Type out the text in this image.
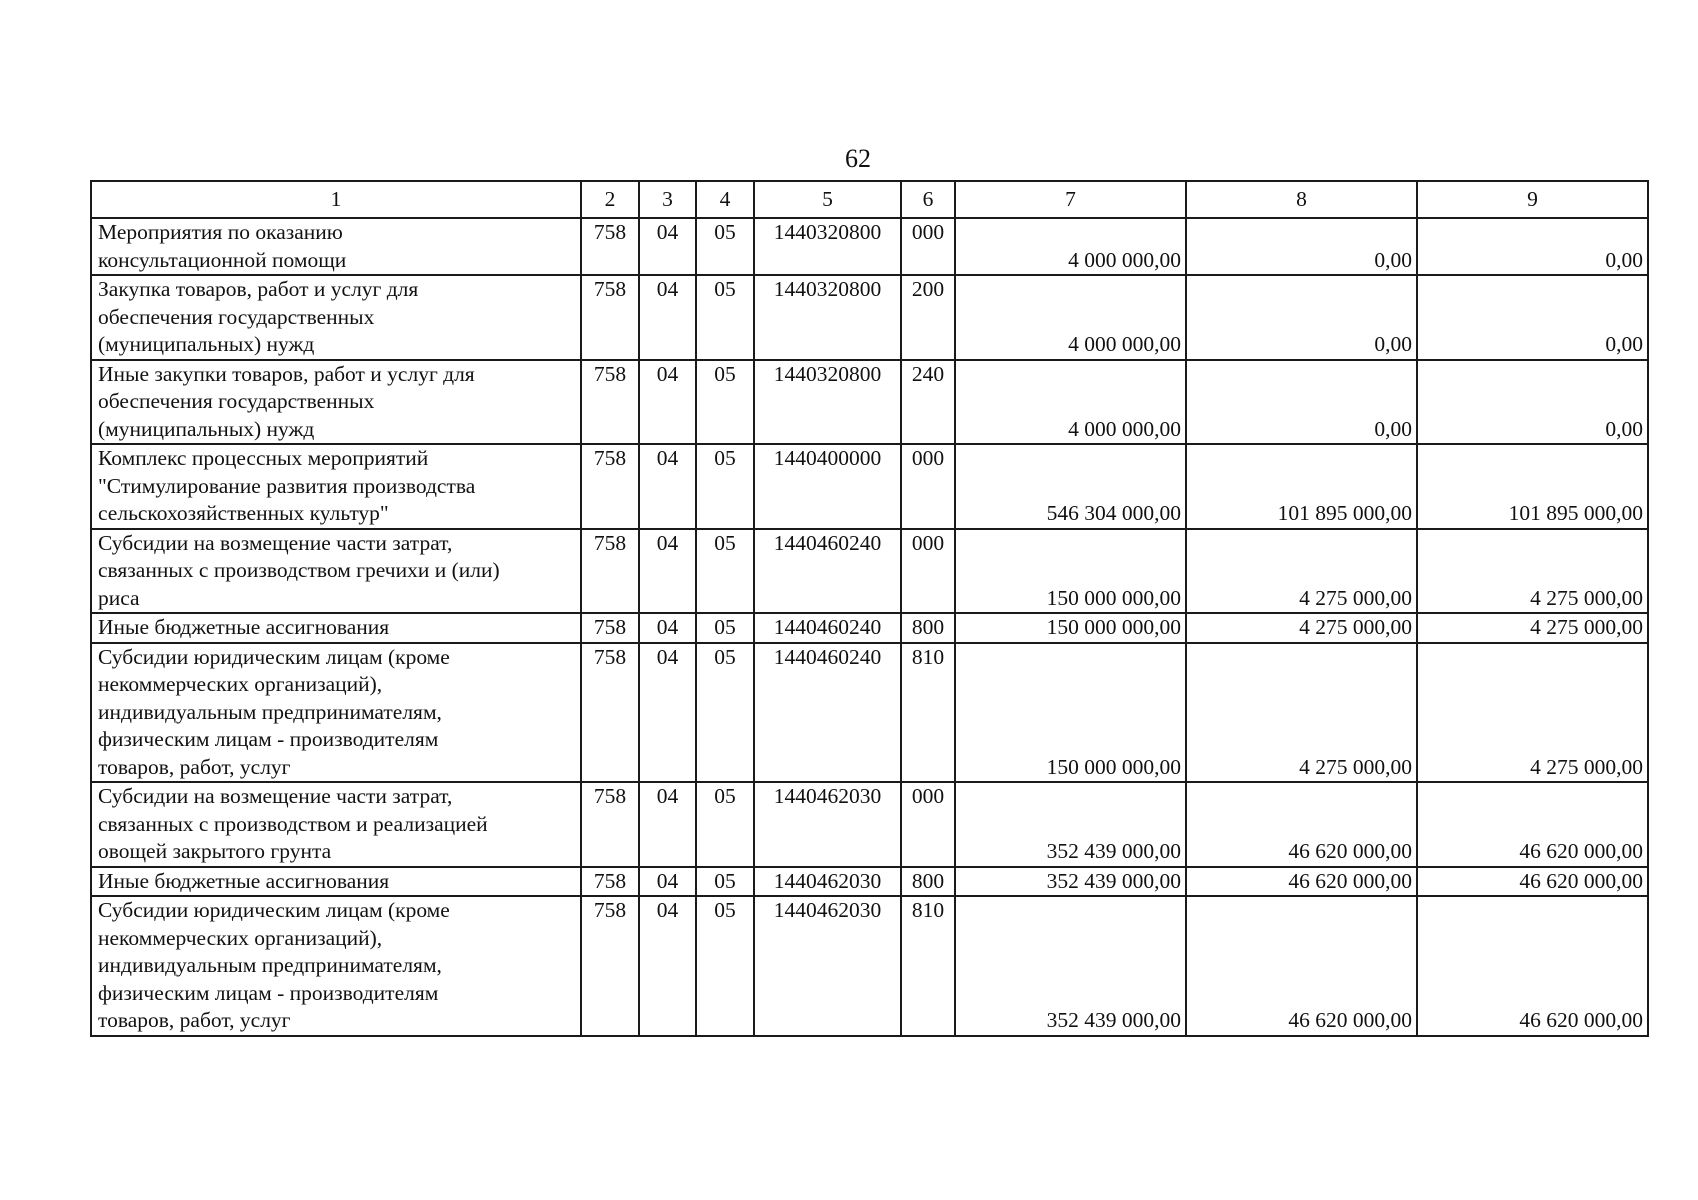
62
1	2	3	4	5	6	7	8	9

Мероприятия по оказанию
консультационной помощи	758	04	05	1440320800	000	4 000 000,00	0,00	0,00

Закупка товаров, работ и услуг для
обеспечения государственных
(муниципальных) нужд	758	04	05	1440320800	200	4 000 000,00	0,00	0,00

Иные закупки товаров, работ и услуг для
обеспечения государственных
(муниципальных) нужд	758	04	05	1440320800	240	4 000 000,00	0,00	0,00

Комплекс процессных мероприятий
"Стимулирование развития производства
сельскохозяйственных культур"	758	04	05	1440400000	000	546 304 000,00	101 895 000,00	101 895 000,00

Субсидии на возмещение части затрат,
связанных с производством гречихи и (или)
риса	758	04	05	1440460240	000	150 000 000,00	4 275 000,00	4 275 000,00

Иные бюджетные ассигнования	758	04	05	1440460240	800	150 000 000,00	4 275 000,00	4 275 000,00

Субсидии юридическим лицам (кроме
некоммерческих организаций),
индивидуальным предпринимателям,
физическим лицам - производителям
товаров, работ, услуг	758	04	05	1440460240	810	150 000 000,00	4 275 000,00	4 275 000,00

Субсидии на возмещение части затрат,
связанных с производством и реализацией
овощей закрытого грунта	758	04	05	1440462030	000	352 439 000,00	46 620 000,00	46 620 000,00

Иные бюджетные ассигнования	758	04	05	1440462030	800	352 439 000,00	46 620 000,00	46 620 000,00

Субсидии юридическим лицам (кроме
некоммерческих организаций),
индивидуальным предпринимателям,
физическим лицам - производителям
товаров, работ, услуг	758	04	05	1440462030	810	352 439 000,00	46 620 000,00	46 620 000,00
